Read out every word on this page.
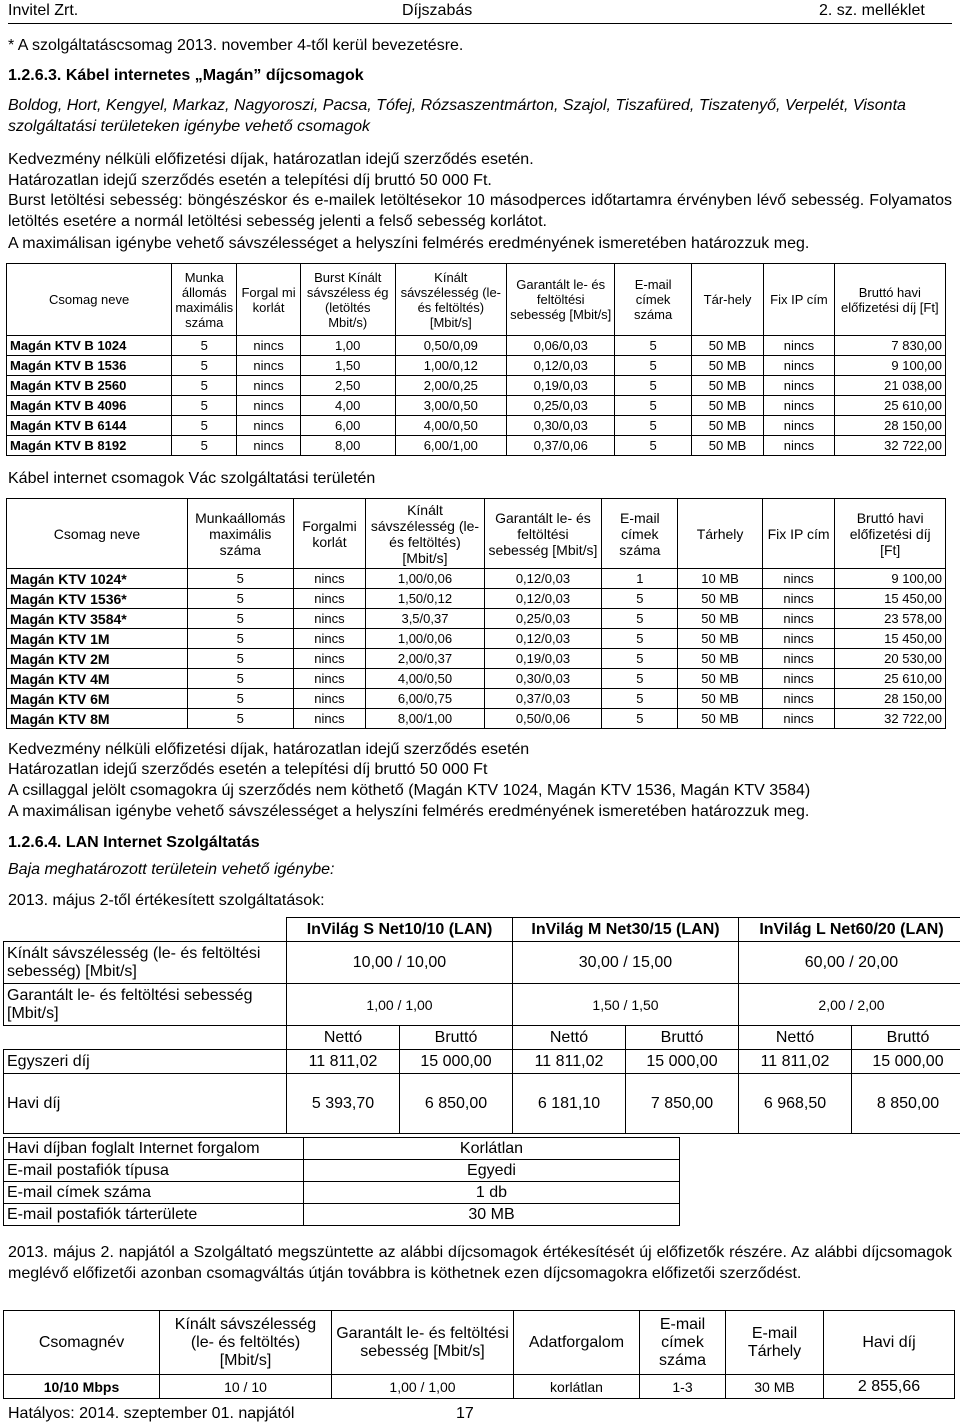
Invitel Zrt.	Díjszabás	2. sz. melléklet
* A szolgáltatáscsomag 2013. november 4-től kerül bevezetésre.
1.2.6.3. Kábel internetes „Magán” díjcsomagok
Boldog, Hort, Kengyel, Markaz, Nagyoroszi, Pacsa, Tófej, Rózsaszentmárton, Szajol, Tiszafüred, Tiszatenyő, Verpelét, Visonta szolgáltatási területeken igénybe vehető csomagok
Kedvezmény nélküli előfizetési díjak, határozatlan idejű szerződés esetén.
Határozatlan idejű szerződés esetén a telepítési díj bruttó 50 000 Ft.
Burst letöltési sebesség: böngészéskor és e-mailek letöltésekor 10 másodperces időtartamra érvényben lévő sebesség. Folyamatos letöltés esetére a normál letöltési sebesség jelenti a felső sebesség korlátot.
A maximálisan igénybe vehető sávszélességet a helyszíni felmérés eredményének ismeretében határozzuk meg.
Csomag neve	Munka állomás maximális száma	Forgal mi korlát	Burst Kínált sávszéless ég (letöltés Mbit/s)	Kínált sávszélesség (le- és feltöltés) [Mbit/s]	Garantált le- és feltöltési sebesség [Mbit/s]	E-mail címek száma	Tár-hely	Fix IP cím	Bruttó havi előfizetési díj [Ft]
Magán KTV B 1024	5	nincs	1,00	0,50/0,09	0,06/0,03	5	50 MB	nincs	7 830,00
Magán KTV B 1536	5	nincs	1,50	1,00/0,12	0,12/0,03	5	50 MB	nincs	9 100,00
Magán KTV B 2560	5	nincs	2,50	2,00/0,25	0,19/0,03	5	50 MB	nincs	21 038,00
Magán KTV B 4096	5	nincs	4,00	3,00/0,50	0,25/0,03	5	50 MB	nincs	25 610,00
Magán KTV B 6144	5	nincs	6,00	4,00/0,50	0,30/0,03	5	50 MB	nincs	28 150,00
Magán KTV B 8192	5	nincs	8,00	6,00/1,00	0,37/0,06	5	50 MB	nincs	32 722,00
Kábel internet csomagok Vác szolgáltatási területén
Csomag neve	Munkaállomás maximális száma	Forgalmi korlát	Kínált sávszélesség (le- és feltöltés) [Mbit/s]	Garantált le- és feltöltési sebesség [Mbit/s]	E-mail címek száma	Tárhely	Fix IP cím	Bruttó havi előfizetési díj [Ft]
Magán KTV 1024*	5	nincs	1,00/0,06	0,12/0,03	1	10 MB	nincs	9 100,00
Magán KTV 1536*	5	nincs	1,50/0,12	0,12/0,03	5	50 MB	nincs	15 450,00
Magán KTV 3584*	5	nincs	3,5/0,37	0,25/0,03	5	50 MB	nincs	23 578,00
Magán KTV 1M	5	nincs	1,00/0,06	0,12/0,03	5	50 MB	nincs	15 450,00
Magán KTV 2M	5	nincs	2,00/0,37	0,19/0,03	5	50 MB	nincs	20 530,00
Magán KTV 4M	5	nincs	4,00/0,50	0,30/0,03	5	50 MB	nincs	25 610,00
Magán KTV 6M	5	nincs	6,00/0,75	0,37/0,03	5	50 MB	nincs	28 150,00
Magán KTV 8M	5	nincs	8,00/1,00	0,50/0,06	5	50 MB	nincs	32 722,00
Kedvezmény nélküli előfizetési díjak, határozatlan idejű szerződés esetén
Határozatlan idejű szerződés esetén a telepítési díj bruttó 50 000 Ft
A csillaggal jelölt csomagokra új szerződés nem köthető (Magán KTV 1024, Magán KTV 1536, Magán KTV 3584)
A maximálisan igénybe vehető sávszélességet a helyszíni felmérés eredményének ismeretében határozzuk meg.
1.2.6.4. LAN Internet Szolgáltatás
Baja meghatározott területein vehető igénybe:
2013. május 2-től értékesített szolgáltatások:
	InVilág S Net10/10 (LAN)		InVilág M Net30/15 (LAN)		InVilág L Net60/20 (LAN)	
Kínált sávszélesség (le- és feltöltési sebesség) [Mbit/s]	10,00 / 10,00		30,00 / 15,00		60,00 / 20,00	
Garantált le- és feltöltési sebesség [Mbit/s]	1,00 / 1,00		1,50 / 1,50		2,00 / 2,00	
	Nettó	Bruttó	Nettó	Bruttó	Nettó	Bruttó
Egyszeri díj	11 811,02	15 000,00	11 811,02	15 000,00	11 811,02	15 000,00
Havi díj	5 393,70	6 850,00	6 181,10	7 850,00	6 968,50	8 850,00
Havi díjban foglalt Internet forgalom	Korlátlan
E-mail postafiók típusa	Egyedi
E-mail címek száma	1 db
E-mail postafiók tárterülete	30 MB
2013. május 2. napjától a Szolgáltató megszüntette az alábbi díjcsomagok értékesítését új előfizetők részére. Az alábbi díjcsomagok meglévő előfizetői azonban csomagváltás útján továbbra is köthetnek ezen díjcsomagokra előfizetői szerződést.
Csomagnév	Kínált sávszélesség (le- és feltöltés) [Mbit/s]	Garantált le- és feltöltési sebesség [Mbit/s]	Adatforgalom	E-mail címek száma	E-mail Tárhely	Havi díj
10/10 Mbps	10 / 10	1,00 / 1,00	korlátlan	1-3	30 MB	2 855,66
Hatályos: 2014. szeptember 01. napjától	17
